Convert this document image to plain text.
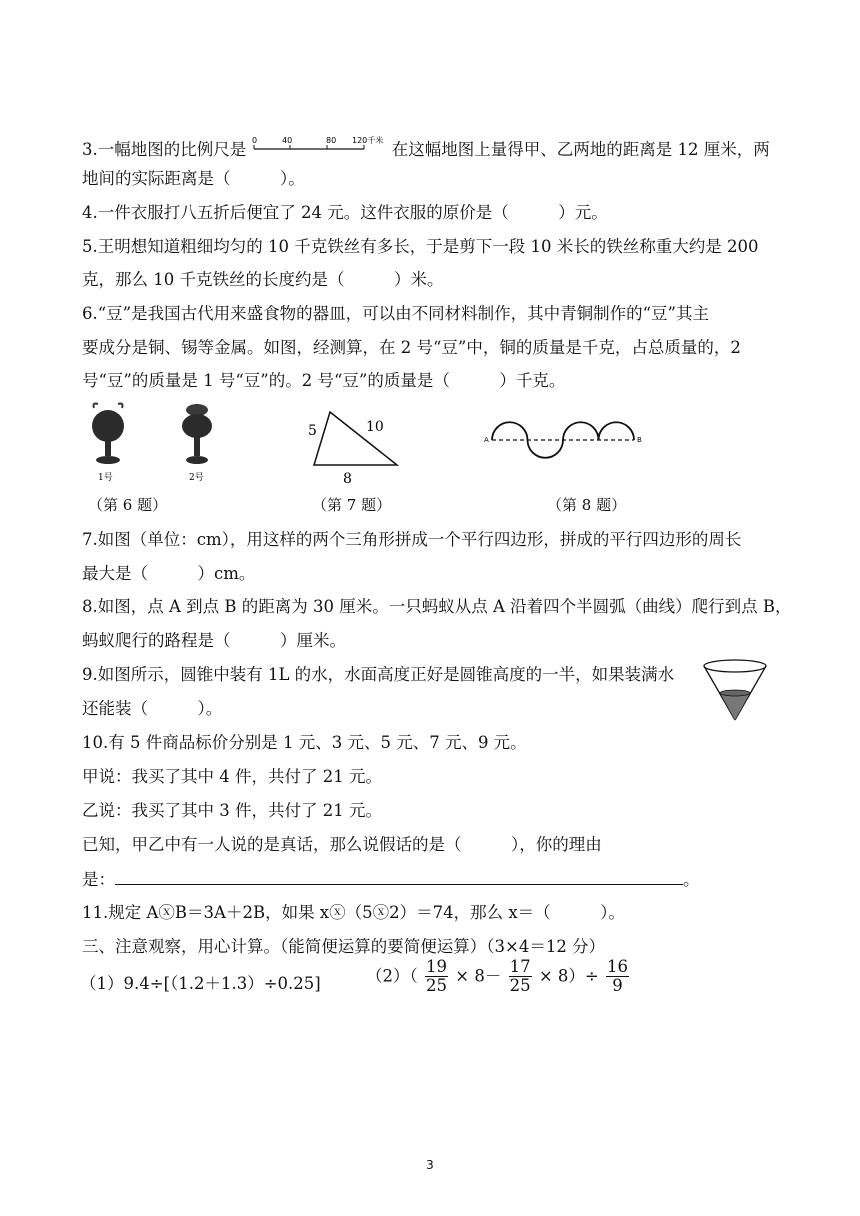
3.一幅地图的比例尺是 0	40	80 120千米 在这幅地图上量得甲、乙两地的距离是 12 厘米，两
地间的实际距离是（　　　）。
4.一件衣服打八五折后便宜了 24 元。这件衣服的原价是（　　　）元。
5.王明想知道粗细均匀的 10 千克铁丝有多长，于是剪下一段 10 米长的铁丝称重大约是 200
克，那么 10 千克铁丝的长度约是（　　　）米。
6.“豆”是我国古代用来盛食物的器皿，可以由不同材料制作，其中青铜制作的“豆”其主
要成分是铜、锡等金属。如图，经测算，在 2 号“豆”中，铜的质量是千克，占总质量的，2
号“豆”的质量是 1 号“豆”的。2 号“豆”的质量是（　　　）千克。
1号	2号
5	10
8
A	B
（第 6 题）	（第 7 题）	（第 8 题）
7.如图（单位：cm），用这样的两个三角形拼成一个平行四边形，拼成的平行四边形的周长
最大是（　　　）cm。
8.如图，点 A 到点 B 的距离为 30 厘米。一只蚂蚁从点 A 沿着四个半圆弧（曲线）爬行到点 B，
蚂蚁爬行的路程是（　　　）厘米。
9.如图所示，圆锥中装有 1L 的水，水面高度正好是圆锥高度的一半，如果装满水
还能装（　　　）。
10.有 5 件商品标价分别是 1 元、3 元、5 元、7 元、9 元。
甲说：我买了其中 4 件，共付了 21 元。
乙说：我买了其中 3 件，共付了 21 元。
已知，甲乙中有一人说的是真话，那么说假话的是（　　　），你的理由
是：	。
11.规定 AⓧB＝3A＋2B，如果 xⓧ（5ⓧ2）＝74，那么 x＝（　　　）。
三、注意观察，用心计算。（能简便运算的要简便运算）（3×4＝12 分）
（1）9.4÷[（1.2＋1.3）÷0.25]	$(2)( \frac{19}{25} \times 8- \frac{17}{25} \times 8)\div \frac{16}{9}$
3
